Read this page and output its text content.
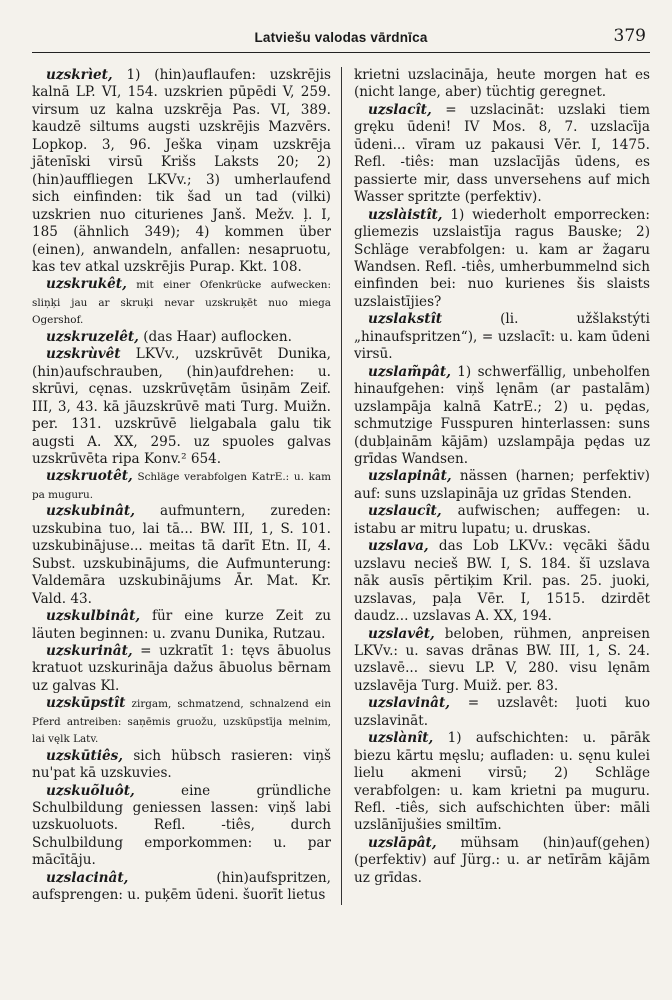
Latviešu valodas vārdnīca	379

uzskrìet, 1) (hin)auflaufen: uzskrējis kalnā LP. VI, 154. uzskrien pūpēdi V, 259. virsum uz kalna uzskrēja Pas. VI, 389. kaudzē siltums augsti uzskrējis Mazvērs. Lopkop. 3, 96. Ješka viņam uzskrēja jātenīski virsū Krišs Laksts 20; 2) (hin)auffliegen LKVv.; 3) umherlaufend sich einfinden: tik šad un tad (vilki) uzskrien nuo citurienes Janš. Mežv. ļ. I, 185 (ähnlich 349); 4) kommen über (einen), anwandeln, anfallen: nesapruotu, kas tev atkal uzskrējis Purap. Kkt. 108.

uzskrukêt, mit einer Ofenkrücke aufwecken: sliņķi jau ar skruķi nevar uzskruķēt nuo miega Ogershof.

uzskruzelêt, (das Haar) auflocken.

uzskrùvêt LKVv., uzskrūvēt Dunika, (hin)aufschrauben, (hin)aufdrehen: u. skrūvi, cęnas. uzskrūvętām ūsiņām Zeif. III, 3, 43. kā jāuzskrūvē mati Turg. Muižn. per. 131. uzskrūvē lielgabala galu tik augsti A. XX, 295. uz spuoles galvas uzskrūvēta ripa Konv.² 654.

uzskruotêt, Schläge verabfolgen KatrE.: u. kam pa muguru.

uzskubinât, aufmuntern, zureden: uzskubina tuo, lai tā... BW. III, 1, S. 101. uzskubinājuse... meitas tā darīt Etn. II, 4. Subst. uzskubinājums, die Aufmunterung: Valdemāra uzskubinājums Ār. Mat. Kr. Vald. 43.

uzskulbinât, für eine kurze Zeit zu läuten beginnen: u. zvanu Dunika, Rutzau.

uzskurinât, = uzkratīt 1: tęvs ābuolus kratuot uzskurināja dažus ābuolus bērnam uz galvas Kl.

uzskūpstît zirgam, schmatzend, schnalzend ein Pferd antreiben: saņēmis gruožu, uzskūpstīja melnim, lai vęlk Latv.

uzskūtiês, sich hübsch rasieren: viņš nu'pat kā uzskuvies.

uzskuõluôt, eine gründliche Schulbildung geniessen lassen: viņš labi uzskuoluots. Refl. -tiês, durch Schulbildung emporkommen: u. par mācītāju.

uzslacinât, (hin)aufspritzen, aufsprengen: u. puķēm ūdeni. šuorīt lietus

krietni uzslacināja, heute morgen hat es (nicht lange, aber) tüchtig geregnet.

uzslacît, = uzslacināt: uzslaki tiem gręku ūdeni! IV Mos. 8, 7. uzslacīja ūdeni... vīram uz pakausi Vēr. I, 1475. Refl. -tiês: man uzslacījās ūdens, es passierte mir, dass unversehens auf mich Wasser spritzte (perfektiv).

uzslàistît, 1) wiederholt emporrecken: gliemezis uzslaistīja ragus Bauske; 2) Schläge verabfolgen: u. kam ar žagaru Wandsen. Refl. -tiês, umherbummelnd sich einfinden bei: nuo kurienes šis slaists uzslaistījies?

uzslakstît (li. užšlakstýti „hinaufspritzen“), = uzslacīt: u. kam ūdeni virsū.

uzslam̃pât, 1) schwerfällig, unbeholfen hinaufgehen: viņš lęnām (ar pastalām) uzslampāja kalnā KatrE.; 2) u. pędas, schmutzige Fusspuren hinterlassen: suns (dubļainām kājām) uzslampāja pędas uz grīdas Wandsen.

uzslapinât, nässen (harnen; perfektiv) auf: suns uzslapināja uz grīdas Stenden.

uzslaucît, aufwischen; auffegen: u. istabu ar mitru lupatu; u. druskas.

uzslava, das Lob LKVv.: vęcāki šādu uzslavu necieš BW. I, S. 184. šī uzslava nāk ausīs pērtiķim Kril. pas. 25. juoki, uzslavas, paļa Vēr. I, 1515. dzirdēt daudz... uzslavas A. XX, 194.

uzslavêt, beloben, rühmen, anpreisen LKVv.: u. savas drānas BW. III, 1, S. 24. uzslavē... sievu LP. V, 280. visu lęnām uzslavēja Turg. Muiž. per. 83.

uzslavinât, = uzslavêt: ļuoti kuo uzslavināt.

uzslànît, 1) aufschichten: u. pārāk biezu kārtu męslu; aufladen: u. sęnu kulei lielu akmeni virsū; 2) Schläge verabfolgen: u. kam krietni pa muguru. Refl. -tiês, sich aufschichten über: māli uzslānījušies smiltīm.

uzslāpât, mühsam (hin)auf(gehen) (perfektiv) auf Jürg.: u. ar netīrām kājām uz grīdas.
